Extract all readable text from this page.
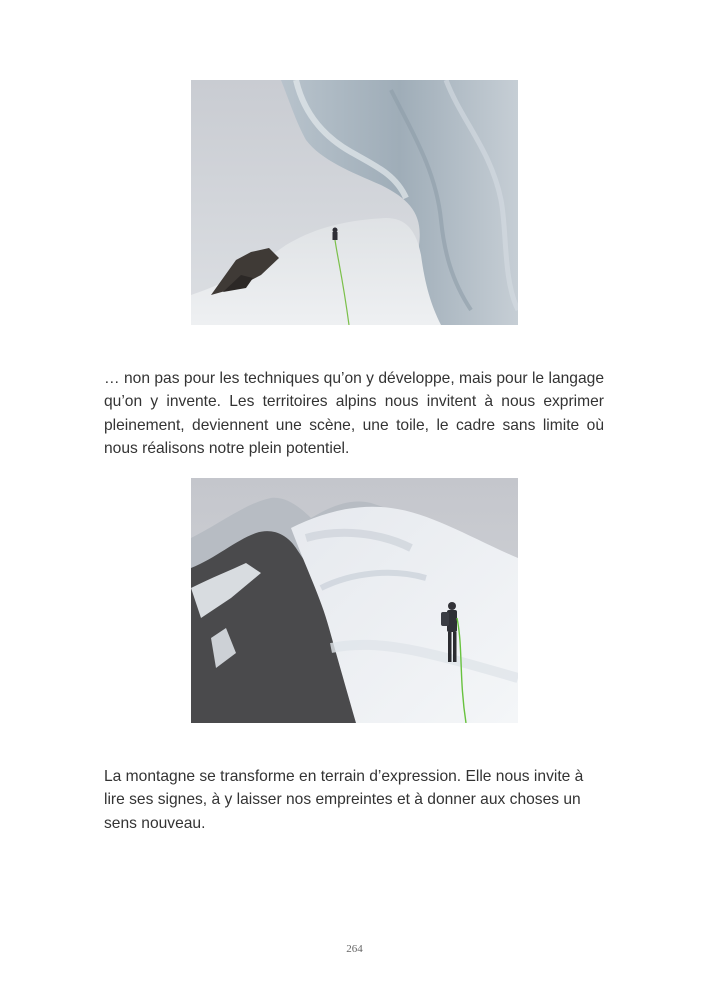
… non pas pour les techniques qu’on y développe, mais pour le langage qu’on y invente. Les territoires alpins nous invitent à nous exprimer pleinement, deviennent une scène, une toile, le cadre sans limite où nous réalisons notre plein potentiel.

La montagne se transforme en terrain d’expression. Elle nous invite à lire ses signes, à y laisser nos empreintes et à donner aux choses un sens nouveau.

264
